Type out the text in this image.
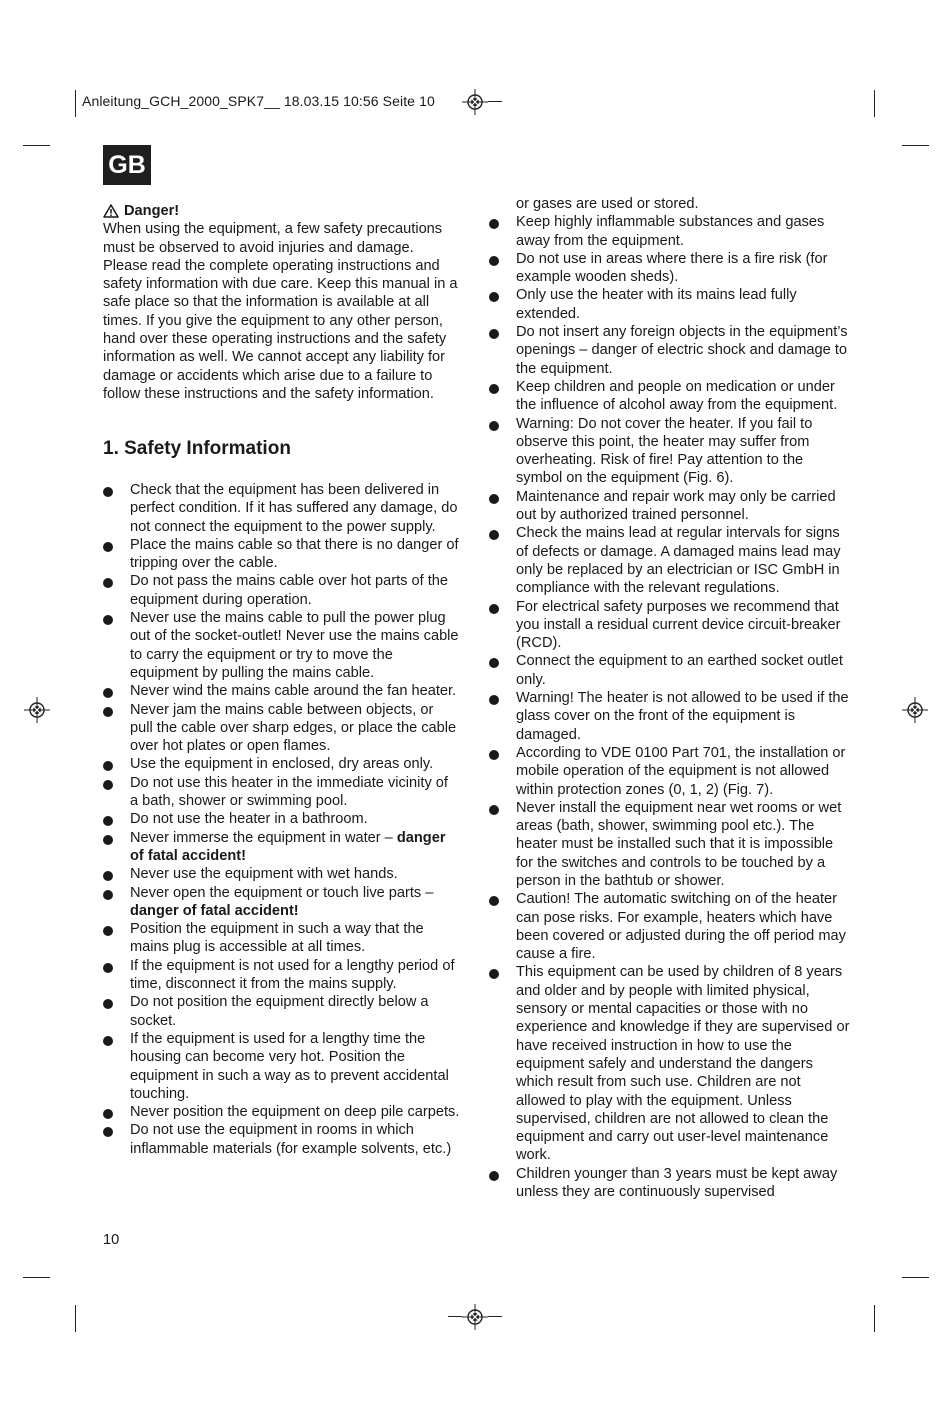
Anleitung_GCH_2000_SPK7__ 18.03.15 10:56 Seite 10
GB
Danger!

When using the equipment, a few safety precautions must be observed to avoid injuries and damage. Please read the complete operating instructions and safety information with due care. Keep this manual in a safe place so that the information is available at all times. If you give the equipment to any other person, hand over these operating instructions and the safety information as well. We cannot accept any liability for damage or accidents which arise due to a failure to follow these instructions and the safety information.

1. Safety Information
Check that the equipment has been delivered in perfect condition. If it has suffered any damage, do not connect the equipment to the power supply.
Place the mains cable so that there is no danger of tripping over the cable.
Do not pass the mains cable over hot parts of the equipment during operation.
Never use the mains cable to pull the power plug out of the socket-outlet! Never use the mains cable to carry the equipment or try to move the equipment by pulling the mains cable.
Never wind the mains cable around the fan heater.
Never jam the mains cable between objects, or pull the cable over sharp edges, or place the cable over hot plates or open flames.
Use the equipment in enclosed, dry areas only.
Do not use this heater in the immediate vicinity of a bath, shower or swimming pool.
Do not use the heater in a bathroom.
Never immerse the equipment in water – danger of fatal accident!
Never use the equipment with wet hands.
Never open the equipment or touch live parts – danger of fatal accident!
Position the equipment in such a way that the mains plug is accessible at all times.
If the equipment is not used for a lengthy period of time, disconnect it from the mains supply.
Do not position the equipment directly below a socket.
If the equipment is used for a lengthy time the housing can become very hot. Position the equipment in such a way as to prevent accidental touching.
Never position the equipment on deep pile carpets.
Do not use the equipment in rooms in which inflammable materials (for example solvents, etc.)
or gases are used or stored.
Keep highly inflammable substances and gases away from the equipment.
Do not use in areas where there is a fire risk (for example wooden sheds).
Only use the heater with its mains lead fully extended.
Do not insert any foreign objects in the equipment’s openings – danger of electric shock and damage to the equipment.
Keep children and people on medication or under the influence of alcohol away from the equipment.
Warning: Do not cover the heater. If you fail to observe this point, the heater may suffer from overheating. Risk of fire! Pay attention to the symbol on the equipment (Fig. 6).
Maintenance and repair work may only be carried out by authorized trained personnel.
Check the mains lead at regular intervals for signs of defects or damage. A damaged mains lead may only be replaced by an electrician or ISC GmbH in compliance with the relevant regulations.
For electrical safety purposes we recommend that you install a residual current device circuit-breaker (RCD).
Connect the equipment to an earthed socket outlet only.
Warning! The heater is not allowed to be used if the glass cover on the front of the equipment is damaged.
According to VDE 0100 Part 701, the installation or mobile operation of the equipment is not allowed within protection zones (0, 1, 2) (Fig. 7).
Never install the equipment near wet rooms or wet areas (bath, shower, swimming pool etc.). The heater must be installed such that it is impossible for the switches and controls to be touched by a person in the bathtub or shower.
Caution! The automatic switching on of the heater can pose risks. For example, heaters which have been covered or adjusted during the off period may cause a fire.
This equipment can be used by children of 8 years and older and by people with limited physical, sensory or mental capacities or those with no experience and knowledge if they are supervised or have received instruction in how to use the equipment safely and understand the dangers which result from such use. Children are not allowed to play with the equipment. Unless supervised, children are not allowed to clean the equipment and carry out user-level maintenance work.
Children younger than 3 years must be kept away unless they are continuously supervised
10
